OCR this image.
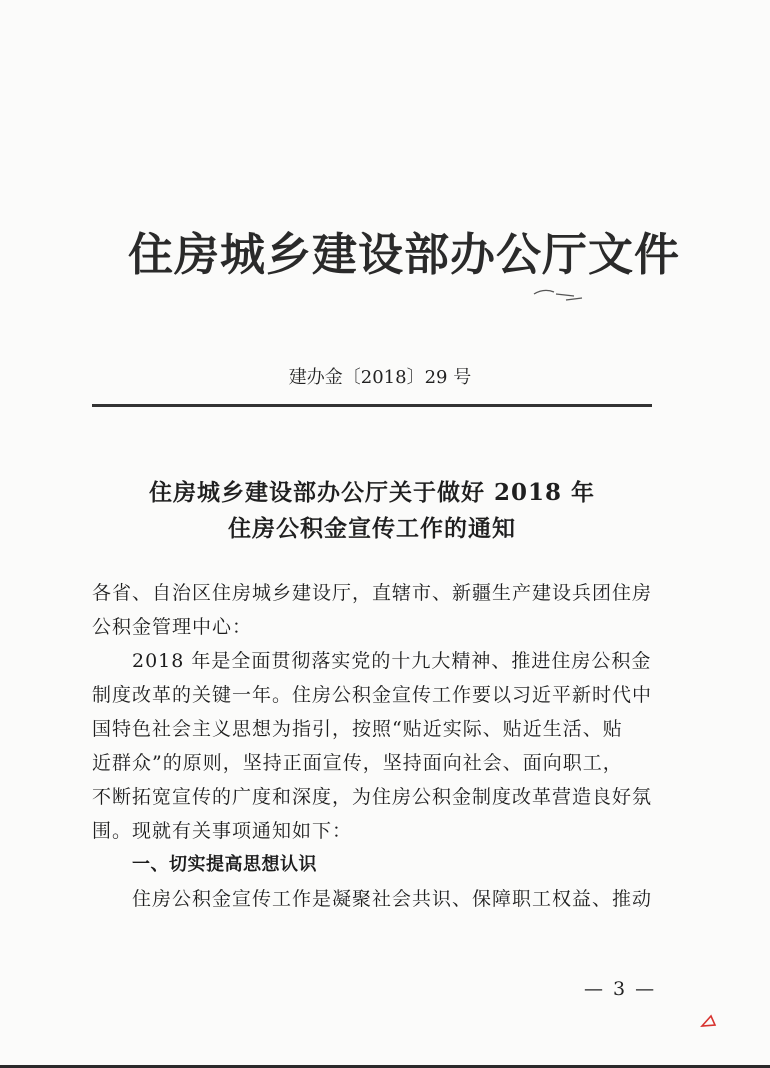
住房城乡建设部办公厅文件
建办金〔2018〕29 号
住房城乡建设部办公厅关于做好 2018 年
住房公积金宣传工作的通知
各省、自治区住房城乡建设厅，直辖市、新疆生产建设兵团住房
公积金管理中心：
2018 年是全面贯彻落实党的十九大精神、推进住房公积金
制度改革的关键一年。住房公积金宣传工作要以习近平新时代中
国特色社会主义思想为指引，按照“贴近实际、贴近生活、贴
近群众”的原则，坚持正面宣传，坚持面向社会、面向职工，
不断拓宽宣传的广度和深度，为住房公积金制度改革营造良好氛
围。现就有关事项通知如下：
一、切实提高思想认识
住房公积金宣传工作是凝聚社会共识、保障职工权益、推动
— 3 —
